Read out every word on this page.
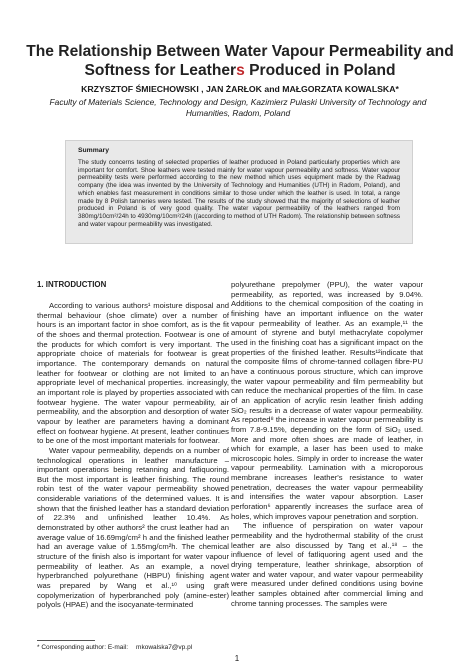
The Relationship Between Water Vapour Permeability and Softness for Leathers Produced in Poland

KRZYSZTOF ŚMIECHOWSKI , JAN ŻARŁOK and MAŁGORZATA KOWALSKA*

Faculty of Materials Science, Technology and Design, Kazimierz Pulaski University of Technology and Humanities, Radom, Poland

Summary

The study concerns testing of selected properties of leather produced in Poland particularly properties which are important for comfort. Shoe leathers were tested mainly for water vapour permeability and softness. Water vapour permeability tests were performed according to the new method which uses equipment made by the Radwag company (the idea was invented by the University of Technology and Humanities (UTH) in Radom, Poland), and which enables fast measurement in conditions similar to those under which the leather is used. In total, a range made by 8 Polish tanneries were tested. The results of the study showed that the majority of selections of leather produced in Poland is of very good quality. The water vapour permeability of the leathers ranged from 380mg/10cm²/24h to 4930mg/10cm²/24h ((according to method of UTH Radom). The relationship between softness and water vapour permeability was investigated.

1. INTRODUCTION

According to various authors¹ moisture disposal and thermal behaviour (shoe climate) over a number of hours is an important factor in shoe comfort, as is the fit of the shoes and thermal protection. Footwear is one of the products for which comfort is very important. The appropriate choice of materials for footwear is great importance. The contemporary demands on natural leather for footwear or clothing are not limited to an appropriate level of mechanical properties. increasingly, an important role is played by properties associated with footwear hygiene. The water vapour permeability, air permeability, and the absorption and desorption of water vapour by leather are parameters having a dominant effect on footwear hygiene. At present, leather continues to be one of the most important materials for footwear.

Water vapour permeability, depends on a number of technological operations in leather manufacture – important operations being retanning and fatliquoring. But the most important is leather finishing. The round robin test of the water vapour permeability showed considerable variations of the determined values. It is shown that the finished leather has a standard deviation of 22.3% and unfinished leather 10.4%. As demonstrated by other authors² the crust leather had an average value of 16.69mg/cm² h and the finished leather had an average value of 1.55mg/cm²h. The chemical structure of the finish also is important for water vapour permeability of leather. As an example, a novel hyperbranched polyurethane (HBPU) finishing agent was prepared by Wang et al.,¹⁰ using graft copolymerization of hyperbranched poly (amine-ester) polyols (HPAE) and the isocyanate-terminated

polyurethane prepolymer (PPU), the water vapour permeability, as reported, was increased by 9.04%. Additions to the chemical composition of the coating in finishing have an important influence on the water vapour permeability of leather. As an example,¹¹ the amount of styrene and butyl methacrylate copolymer used in the finishing coat has a significant impact on the properties of the finished leather. Results¹²indicate that the composite films of chrome-tanned collagen fibre-PU have a continuous porous structure, which can improve the water vapour permeability and film permeability but can reduce the mechanical properties of the film. In case of an application of acrylic resin leather finish adding SiO₂ results in a decrease of water vapour permeability. As reported⁸ the increase in water vapour permeability is from 7.8-9.15%, depending on the form of SiO₂ used. More and more often shoes are made of leather, in which for example, a laser has been used to make microscopic holes. Simply in order to increase the water vapour permeability. Lamination with a microporous membrane increases leather's resistance to water penetration, decreases the water vapour permeability and intensifies the water vapour absorption. Laser perforation⁶ apparently increases the surface area of holes, which improves vapour penetration and sorption.

The influence of perspiration on water vapour permeability and the hydrothermal stability of the crust leather are also discussed by Tang et al.,¹⁸ – the influence of level of fatliquoring agent used and the drying temperature, leather shrinkage, absorption of water and water vapour, and water vapour permeability were measured under defined conditions using bovine leather samples obtained after commercial liming and chrome tanning processes. The samples were

* Corresponding author: E-mail: mkowalska7@vp.pl

1
